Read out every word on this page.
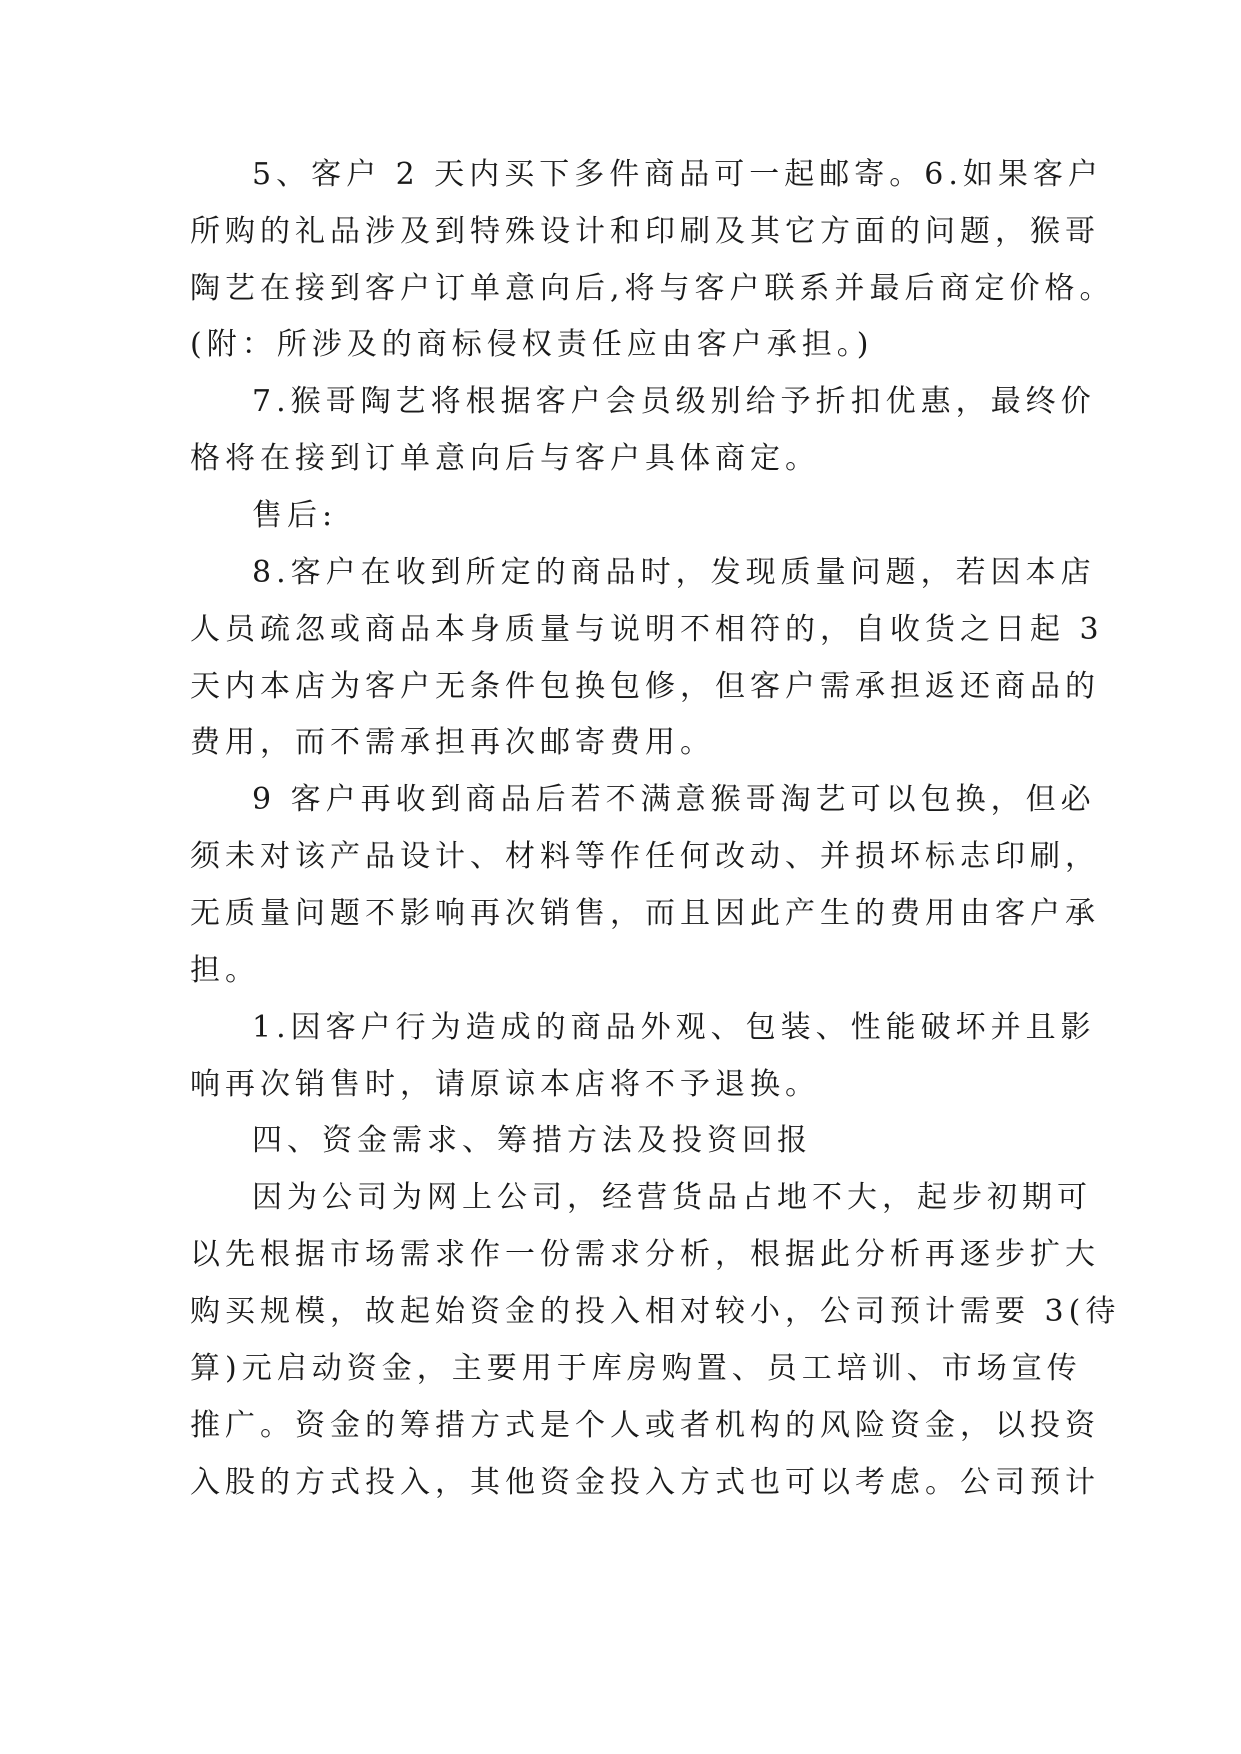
5、客户 2 天内买下多件商品可一起邮寄。6.如果客户
所购的礼品涉及到特殊设计和印刷及其它方面的问题，猴哥
陶艺在接到客户订单意向后,将与客户联系并最后商定价格。
(附：所涉及的商标侵权责任应由客户承担。)
7.猴哥陶艺将根据客户会员级别给予折扣优惠，最终价
格将在接到订单意向后与客户具体商定。
售后:
8.客户在收到所定的商品时，发现质量问题，若因本店
人员疏忽或商品本身质量与说明不相符的，自收货之日起 3
天内本店为客户无条件包换包修，但客户需承担返还商品的
费用，而不需承担再次邮寄费用。
9 客户再收到商品后若不满意猴哥淘艺可以包换，但必
须未对该产品设计、材料等作任何改动、并损坏标志印刷，
无质量问题不影响再次销售，而且因此产生的费用由客户承
担。
1.因客户行为造成的商品外观、包装、性能破坏并且影
响再次销售时，请原谅本店将不予退换。
四、资金需求、筹措方法及投资回报
因为公司为网上公司，经营货品占地不大，起步初期可
以先根据市场需求作一份需求分析，根据此分析再逐步扩大
购买规模，故起始资金的投入相对较小，公司预计需要 3(待
算)元启动资金，主要用于库房购置、员工培训、市场宣传
推广。资金的筹措方式是个人或者机构的风险资金，以投资
入股的方式投入，其他资金投入方式也可以考虑。公司预计
